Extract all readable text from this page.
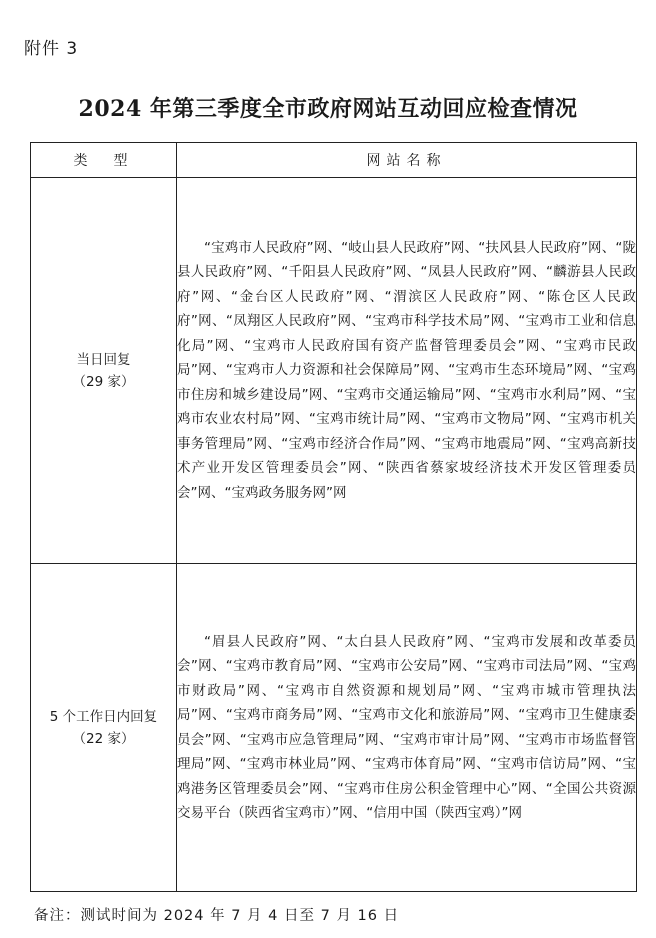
附件 3
2024 年第三季度全市政府网站互动回应检查情况
类　型	网站名称

当日回复
（29 家）	“宝鸡市人民政府”网、“岐山县人民政府”网、“扶风县人民政府”网、“陇县人民政府”网、“千阳县人民政府”网、“凤县人民政府”网、“麟游县人民政府”网、“金台区人民政府”网、“渭滨区人民政府”网、“陈仓区人民政府”网、“凤翔区人民政府”网、“宝鸡市科学技术局”网、“宝鸡市工业和信息化局”网、“宝鸡市人民政府国有资产监督管理委员会”网、“宝鸡市民政局”网、“宝鸡市人力资源和社会保障局”网、“宝鸡市生态环境局”网、“宝鸡市住房和城乡建设局”网、“宝鸡市交通运输局”网、“宝鸡市水利局”网、“宝鸡市农业农村局”网、“宝鸡市统计局”网、“宝鸡市文物局”网、“宝鸡市机关事务管理局”网、“宝鸡市经济合作局”网、“宝鸡市地震局”网、“宝鸡高新技术产业开发区管理委员会”网、“陕西省蔡家坡经济技术开发区管理委员会”网、“宝鸡政务服务网”网

5 个工作日内回复
（22 家）	“眉县人民政府”网、“太白县人民政府”网、“宝鸡市发展和改革委员会”网、“宝鸡市教育局”网、“宝鸡市公安局”网、“宝鸡市司法局”网、“宝鸡市财政局”网、“宝鸡市自然资源和规划局”网、“宝鸡市城市管理执法局”网、“宝鸡市商务局”网、“宝鸡市文化和旅游局”网、“宝鸡市卫生健康委员会”网、“宝鸡市应急管理局”网、“宝鸡市审计局”网、“宝鸡市市场监督管理局”网、“宝鸡市林业局”网、“宝鸡市体育局”网、“宝鸡市信访局”网、“宝鸡港务区管理委员会”网、“宝鸡市住房公积金管理中心”网、“全国公共资源交易平台（陕西省宝鸡市）”网、“信用中国（陕西宝鸡）”网
备注：测试时间为 2024 年 7 月 4 日至 7 月 16 日
